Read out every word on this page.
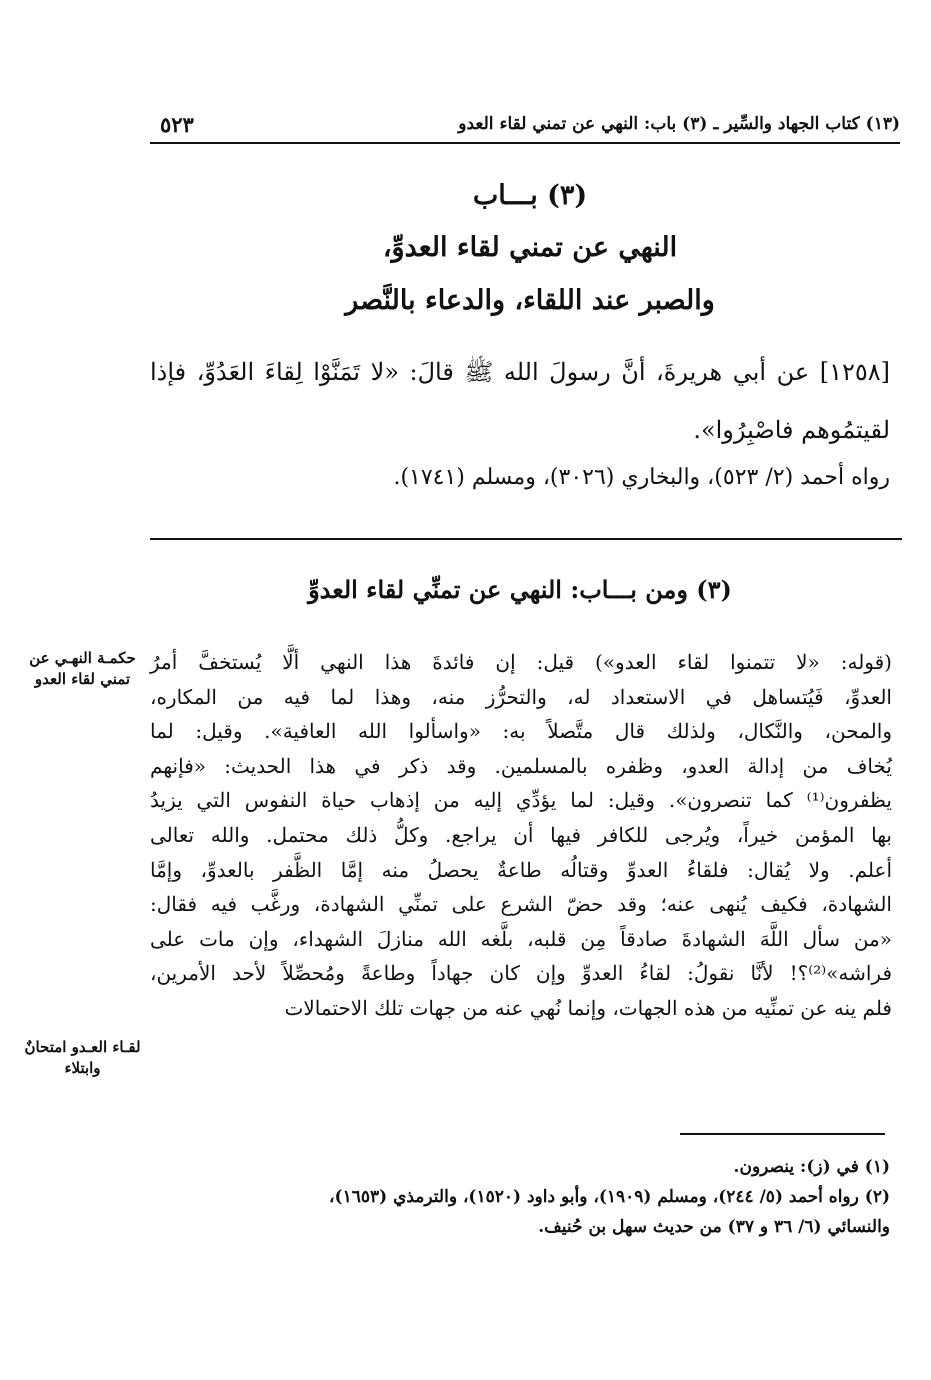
(١٣) كتاب الجهاد والسِّير ـ (٣) باب: النهي عن تمني لقاء العدو
٥٢٣
(٣) بـــاب
النهي عن تمني لقاء العدوِّ،
والصبر عند اللقاء، والدعاء بالنَّصر
[١٢٥٨] عن أبي هريرةَ، أنَّ رسولَ الله ﷺ قالَ: «لا تَمَنَّوْا لِقاءَ العَدُوِّ، فإذا لقيتمُوهم فاصْبِرُوا».
رواه أحمد (٢/ ٥٢٣)، والبخاري (٣٠٢٦)، ومسلم (١٧٤١).
(٣) ومن بـــاب: النهي عن تمنِّي لقاء العدوِّ

(قوله: «لا تتمنوا لقاء العدو») قيل: إن فائدةَ هذا النهي ألَّا يُستخفَّ أمرُ

العدوِّ، فَيُتساهل في الاستعداد له، والتحرُّز منه، وهذا لما فيه من المكاره،

والمحن، والنَّكال، ولذلك قال متَّصلاً به: «واسألوا الله العافية». وقيل: لما

يُخاف من إدالة العدو، وظفره بالمسلمين. وقد ذكر في هذا الحديث: «فإنهم

يظفرون⁽¹⁾ كما تنصرون». وقيل: لما يؤدِّي إليه من إذهاب حياة النفوس التي يزيدُ

بها المؤمن خيراً، ويُرجى للكافر فيها أن يراجع. وكلُّ ذلك محتمل. والله تعالى

أعلم. ولا يُقال: فلقاءُ العدوِّ وقتالُه طاعةٌ يحصلُ منه إمَّا الظَّفر بالعدوِّ، وإمَّا

الشهادة، فكيف يُنهى عنه؛ وقد حضّ الشرع على تمنِّي الشهادة، ورغَّب فيه فقال:

«من سأل اللَّهَ الشهادةَ صادقاً مِن قلبه، بلَّغه الله منازلَ الشهداء، وإن مات على

فراشه»⁽²⁾؟! لأنَّا نقولُ: لقاءُ العدوِّ وإن كان جهاداً وطاعةً ومُحصِّلاً لأحد الأمرين،

فلم ينه عن تمنِّيه من هذه الجهات، وإنما نُهي عنه من جهات تلك الاحتمالات

حكمـة النهـي عن تمني لقاء العدو
لقـاء العـدو امتحانٌ وابتلاء

(١) في (ز): ينصرون.

(٢) رواه أحمد (٥/ ٢٤٤)، ومسلم (١٩٠٩)، وأبو داود (١٥٢٠)، والترمذي (١٦٥٣)،

والنسائي (٦/ ٣٦ و ٣٧) من حديث سهل بن حُنيف.
